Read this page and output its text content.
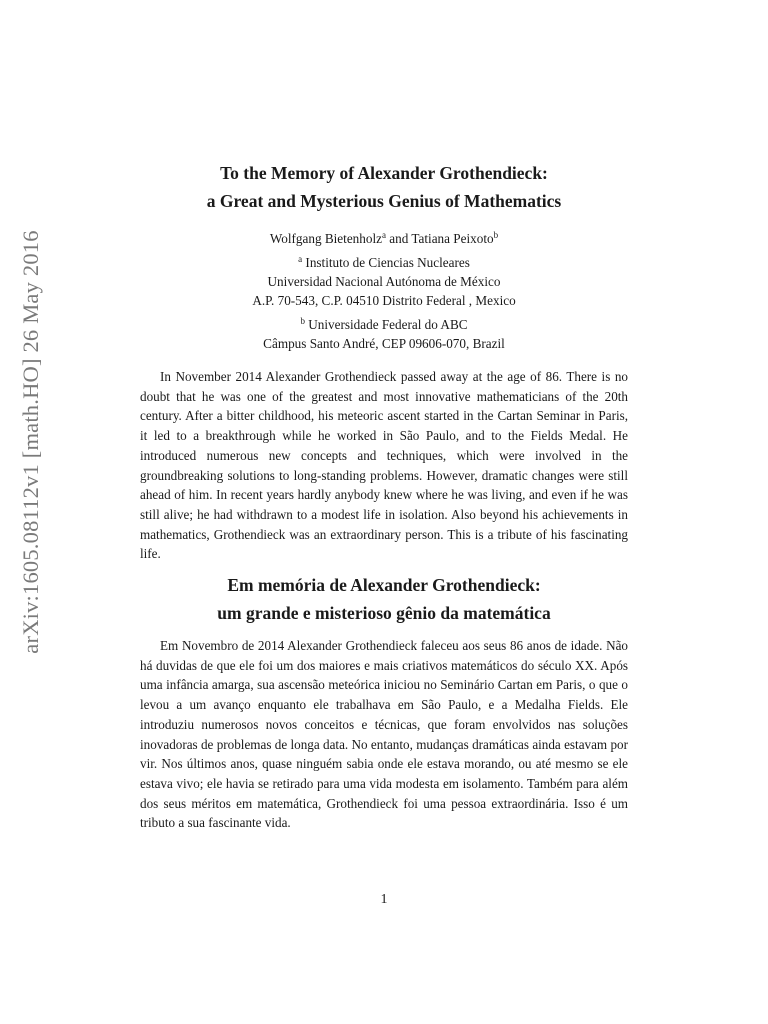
arXiv:1605.08112v1 [math.HO] 26 May 2016
To the Memory of Alexander Grothendieck:
a Great and Mysterious Genius of Mathematics
Wolfgang Bietenholz$^a$ and Tatiana Peixoto$^b$
$^a$ Instituto de Ciencias Nucleares
Universidad Nacional Autónoma de México
A.P. 70-543, C.P. 04510 Distrito Federal , Mexico
$^b$ Universidade Federal do ABC
Câmpus Santo André, CEP 09606-070, Brazil

In November 2014 Alexander Grothendieck passed away at the age of 86. There is no doubt that he was one of the greatest and most innovative mathematicians of the 20th century. After a bitter childhood, his meteoric ascent started in the Cartan Seminar in Paris, it led to a breakthrough while he worked in São Paulo, and to the Fields Medal. He introduced numerous new concepts and techniques, which were involved in the groundbreaking solutions to long-standing problems. However, dramatic changes were still ahead of him. In recent years hardly anybody knew where he was living, and even if he was still alive; he had withdrawn to a modest life in isolation. Also beyond his achievements in mathematics, Grothendieck was an extraordinary person. This is a tribute of his fascinating life.

Em memória de Alexander Grothendieck:
um grande e misterioso gênio da matemática

Em Novembro de 2014 Alexander Grothendieck faleceu aos seus 86 anos de idade. Não há duvidas de que ele foi um dos maiores e mais criativos matemáticos do século XX. Após uma infância amarga, sua ascensão meteórica iniciou no Seminário Cartan em Paris, o que o levou a um avanço enquanto ele trabalhava em São Paulo, e a Medalha Fields. Ele introduziu numerosos novos conceitos e técnicas, que foram envolvidos nas soluções inovadoras de problemas de longa data. No entanto, mudanças dramáticas ainda estavam por vir. Nos últimos anos, quase ninguém sabia onde ele estava morando, ou até mesmo se ele estava vivo; ele havia se retirado para uma vida modesta em isolamento. Também para além dos seus méritos em matemática, Grothendieck foi uma pessoa extraordinária. Isso é um tributo a sua fascinante vida.

1
